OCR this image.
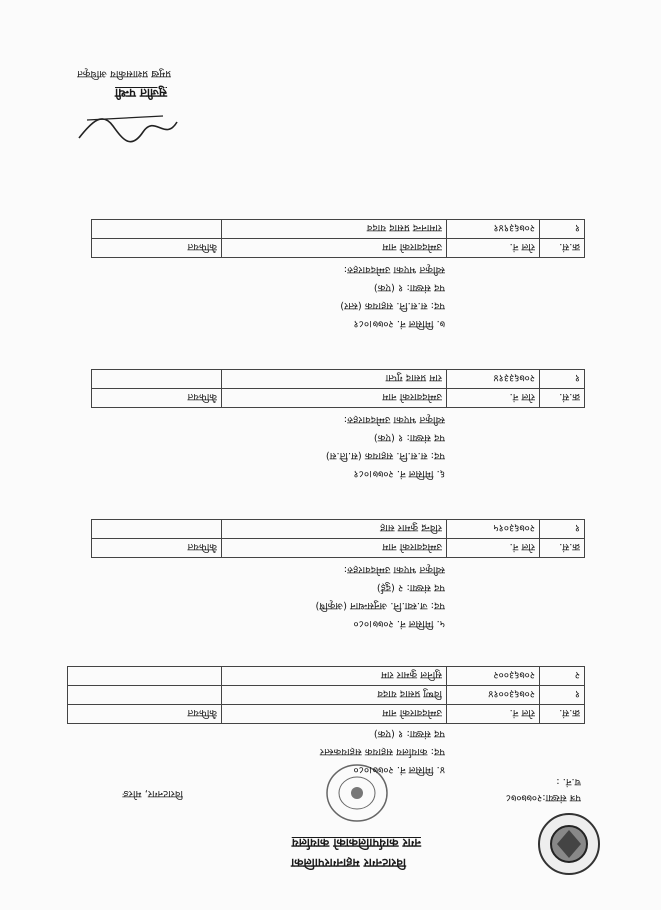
विराटनगर महानगरपालिका
नगर कार्यपालिकाको कार्यालय
विराटनगर, मोरङ	पत्र संख्या:२०७७०७८
च.नं. :
४. मिसिल नं. २०७७।०८०
पद: कार्यालय सहायक सहायकस्तर
पद संख्या: १ (एक)
क्र.सं.	रोल नं.	उम्मेदवारको नाम	कैफियत
१	२०७६३००१४	विष्णु प्रसाद यादव	
२	२०७६३००२	सुनिल कुमार राम	
५. मिसिल नं. २०७७।०८०
पद: ज.स्वा.नि. अनुसन्धान (अकृषि)
पद संख्या: २ (दुई)
स्वीकृत भएका उम्मेदवारहरु:
क्र.सं.	रोल नं.	उम्मेदवारको नाम	कैफियत
१	२०७६३०१५	रविन्द्र कुमार साह	
६. मिसिल नं. २०७७।०८१
पद: स.स.नि. सहायक (स.ति.स)
पद संख्या: १ (एक)
स्वीकृत भएका उम्मेदवारहरु:
क्र.सं.	रोल नं.	उम्मेदवारको नाम	कैफियत
१	२०७६३३१४	राम प्रसाद गुप्ता	
७. मिसिल नं. २०७७।०८१
पद: स.स.नि. सहायक (स्तर)
पद संख्या: १ (एक)
स्वीकृत भएका उम्मेदवारहरु:
क्र.सं.	रोल नं.	उम्मेदवारको नाम	कैफियत
१	२०७६३९४१	रामानन्द प्रसाद यादव	
सुजीत पन्थी
प्रमुख प्रशासकीय अधिकृत
